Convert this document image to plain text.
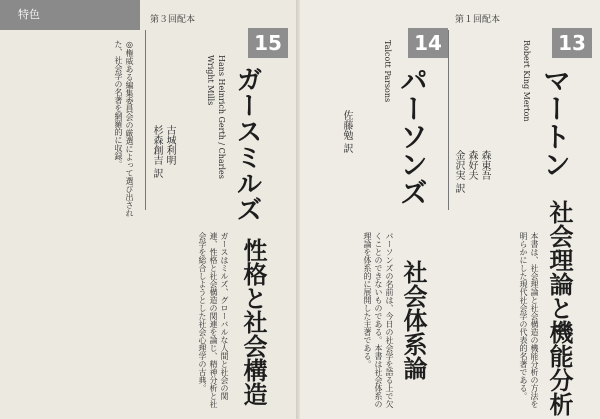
特色	第３回配本
15
ガースミルズ
性格と社会構造
Hans Heinrich Gerth / Charles Wright Mills
古城利明
杉森創吉 訳
◎権威ある編集委員会の厳選によって選び出された、社会学の名著を網羅的に収録。
ガースはミルズ、グローバルな人間と社会の関連、性格と社会構造の関連を論じ、精神分析と社会学を総合しようとした社会心理学の古典。
第１回配本
14
パーソンズ
社会体系論
Talcott Parsons
佐藤勉 訳
パーソンズの名前は、今日の社会学を語る上で欠くことのできないものである。本書は社会体系の理論を体系的に展開した主著である。
13
マートン
社会理論と機能分析
Robert King Merton
森東吾
森好夫
金沢実 訳
本書は、社会理論と社会構造の機能分析の方法を明らかにした現代社会学の代表的名著である。
